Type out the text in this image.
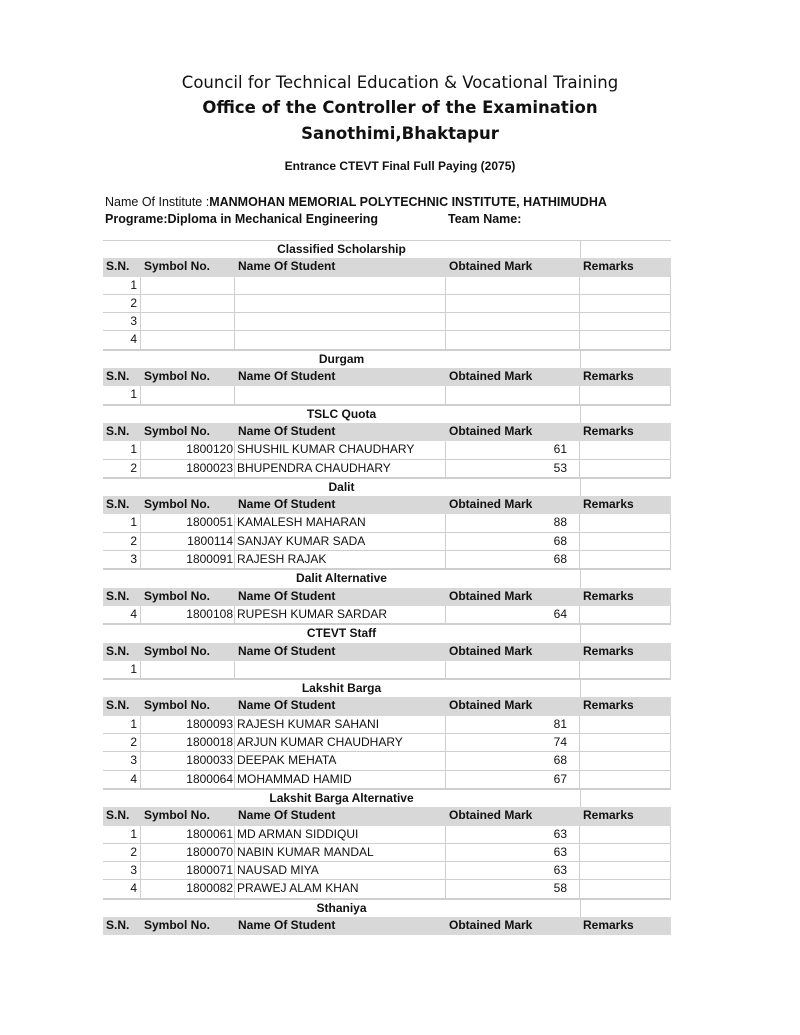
Council for Technical Education & Vocational Training
Office of the Controller of the Examination
Sanothimi,Bhaktapur
Entrance CTEVT Final Full Paying (2075)
Name Of Institute :MANMOHAN MEMORIAL POLYTECHNIC INSTITUTE, HATHIMUDHA
Programe:Diploma in Mechanical Engineering	Team Name:
Classified Scholarship
S.N.	Symbol No.	Name Of Student	Obtained Mark	Remarks
1
2
3
4
Durgam
S.N.	Symbol No.	Name Of Student	Obtained Mark	Remarks
1
TSLC Quota
S.N.	Symbol No.	Name Of Student	Obtained Mark	Remarks
1	1800120 SHUSHIL KUMAR CHAUDHARY	61
2	1800023 BHUPENDRA CHAUDHARY	53
Dalit
S.N.	Symbol No.	Name Of Student	Obtained Mark	Remarks
1	1800051 KAMALESH MAHARAN	88
2	1800114 SANJAY KUMAR SADA	68
3	1800091 RAJESH RAJAK	68
Dalit Alternative
S.N.	Symbol No.	Name Of Student	Obtained Mark	Remarks
4	1800108 RUPESH KUMAR SARDAR	64
CTEVT Staff
S.N.	Symbol No.	Name Of Student	Obtained Mark	Remarks
1
Lakshit Barga
S.N.	Symbol No.	Name Of Student	Obtained Mark	Remarks
1	1800093 RAJESH KUMAR SAHANI	81
2	1800018 ARJUN KUMAR CHAUDHARY	74
3	1800033 DEEPAK MEHATA	68
4	1800064 MOHAMMAD HAMID	67
Lakshit Barga Alternative
S.N.	Symbol No.	Name Of Student	Obtained Mark	Remarks
1	1800061 MD ARMAN SIDDIQUI	63
2	1800070 NABIN KUMAR MANDAL	63
3	1800071 NAUSAD MIYA	63
4	1800082 PRAWEJ ALAM KHAN	58
Sthaniya
S.N.	Symbol No.	Name Of Student	Obtained Mark	Remarks
